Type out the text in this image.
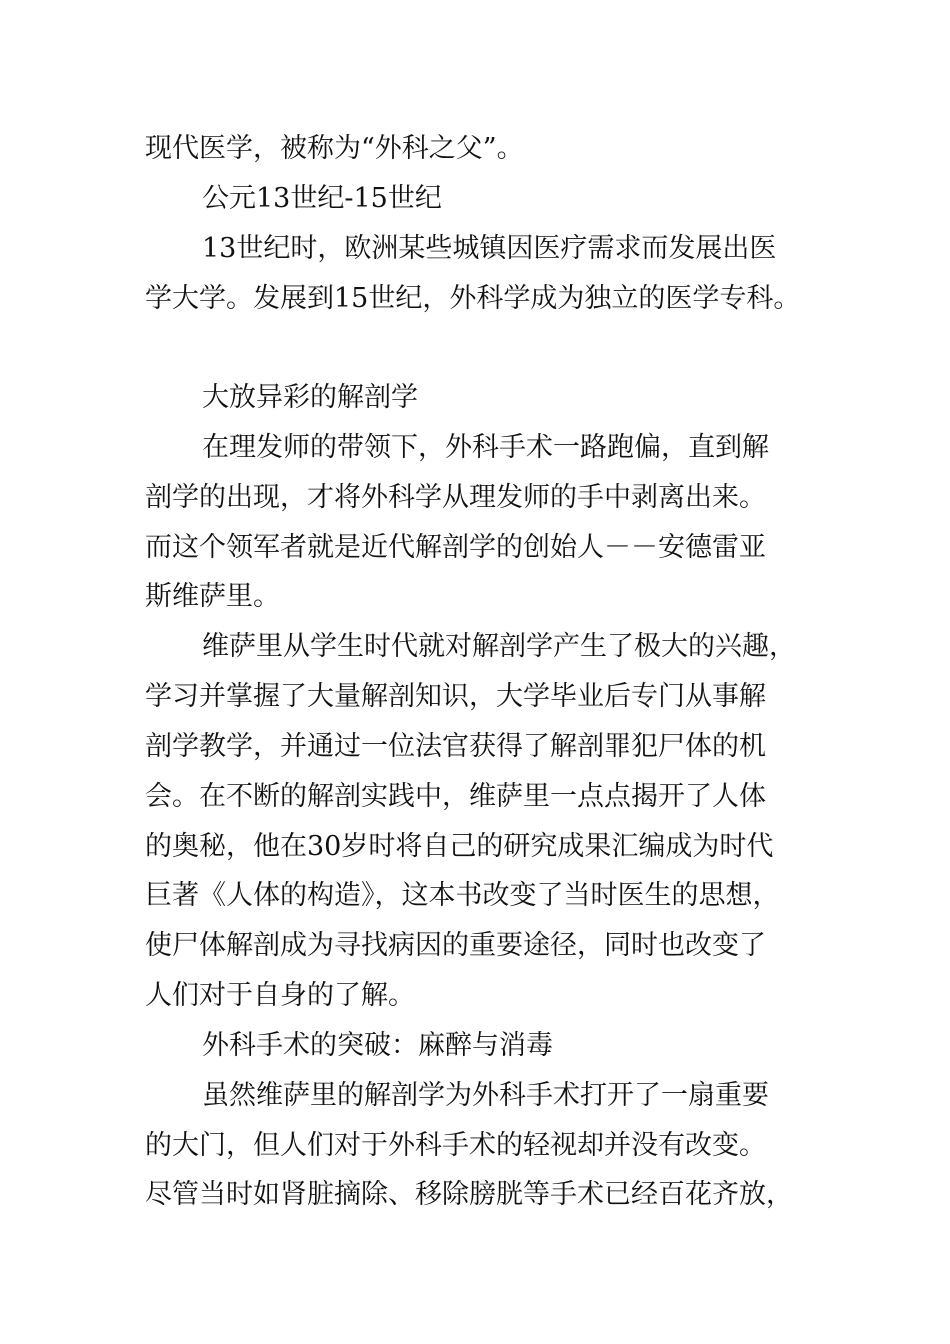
现代医学，被称为“外科之父”。

公元13世纪-15世纪

13世纪时，欧洲某些城镇因医疗需求而发展出医

学大学。发展到15世纪，外科学成为独立的医学专科。

大放异彩的解剖学

在理发师的带领下，外科手术一路跑偏，直到解

剖学的出现，才将外科学从理发师的手中剥离出来。

而这个领军者就是近代解剖学的创始人－－安德雷亚

斯维萨里。

维萨里从学生时代就对解剖学产生了极大的兴趣，

学习并掌握了大量解剖知识，大学毕业后专门从事解

剖学教学，并通过一位法官获得了解剖罪犯尸体的机

会。在不断的解剖实践中，维萨里一点点揭开了人体

的奥秘，他在30岁时将自己的研究成果汇编成为时代

巨著《人体的构造》，这本书改变了当时医生的思想，

使尸体解剖成为寻找病因的重要途径，同时也改变了

人们对于自身的了解。

外科手术的突破：麻醉与消毒

虽然维萨里的解剖学为外科手术打开了一扇重要

的大门，但人们对于外科手术的轻视却并没有改变。

尽管当时如肾脏摘除、移除膀胱等手术已经百花齐放，
